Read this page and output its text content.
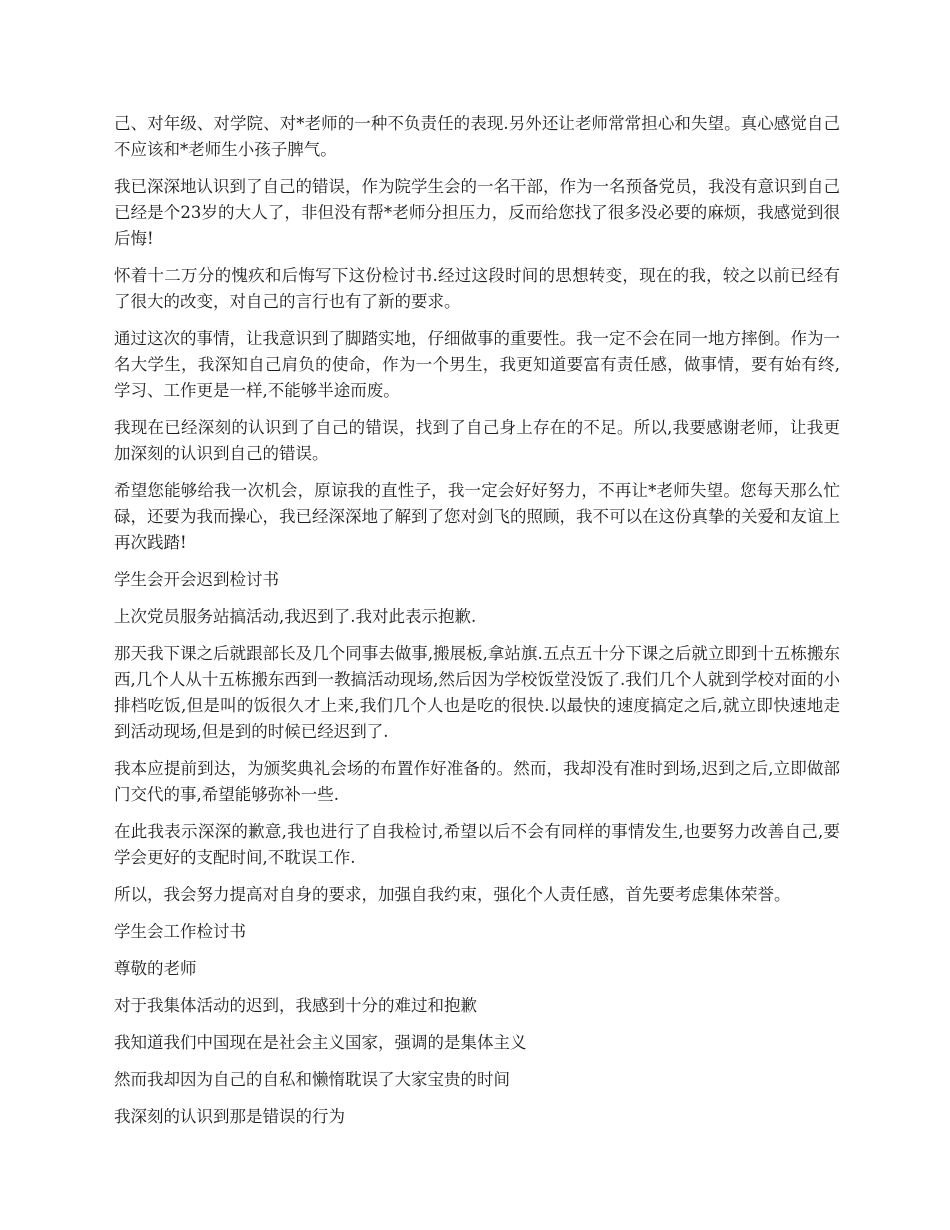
己、对年级、对学院、对*老师的一种不负责任的表现.另外还让老师常常担心和失望。真心感觉自己不应该和*老师生小孩子脾气。

我已深深地认识到了自己的错误，作为院学生会的一名干部，作为一名预备党员，我没有意识到自己已经是个23岁的大人了，非但没有帮*老师分担压力，反而给您找了很多没必要的麻烦，我感觉到很后悔!

怀着十二万分的愧疚和后悔写下这份检讨书.经过这段时间的思想转变，现在的我，较之以前已经有了很大的改变，对自己的言行也有了新的要求。

通过这次的事情，让我意识到了脚踏实地，仔细做事的重要性。我一定不会在同一地方摔倒。作为一名大学生，我深知自己肩负的使命，作为一个男生，我更知道要富有责任感，做事情，要有始有终,学习、工作更是一样,不能够半途而废。

我现在已经深刻的认识到了自己的错误，找到了自己身上存在的不足。所以,我要感谢老师，让我更加深刻的认识到自己的错误。

希望您能够给我一次机会，原谅我的直性子，我一定会好好努力，不再让*老师失望。您每天那么忙碌，还要为我而操心，我已经深深地了解到了您对剑飞的照顾，我不可以在这份真挚的关爱和友谊上再次践踏!

学生会开会迟到检讨书

上次党员服务站搞活动,我迟到了.我对此表示抱歉.

那天我下课之后就跟部长及几个同事去做事,搬展板,拿站旗.五点五十分下课之后就立即到十五栋搬东西,几个人从十五栋搬东西到一教搞活动现场,然后因为学校饭堂没饭了.我们几个人就到学校对面的小排档吃饭,但是叫的饭很久才上来,我们几个人也是吃的很快.以最快的速度搞定之后,就立即快速地走到活动现场,但是到的时候已经迟到了.

我本应提前到达，为颁奖典礼会场的布置作好准备的。然而，我却没有准时到场,迟到之后,立即做部门交代的事,希望能够弥补一些.

在此我表示深深的歉意,我也进行了自我检讨,希望以后不会有同样的事情发生,也要努力改善自己,要学会更好的支配时间,不耽误工作.

所以，我会努力提高对自身的要求，加强自我约束，强化个人责任感，首先要考虑集体荣誉。

学生会工作检讨书

尊敬的老师

对于我集体活动的迟到，我感到十分的难过和抱歉

我知道我们中国现在是社会主义国家，强调的是集体主义

然而我却因为自己的自私和懒惰耽误了大家宝贵的时间

我深刻的认识到那是错误的行为
